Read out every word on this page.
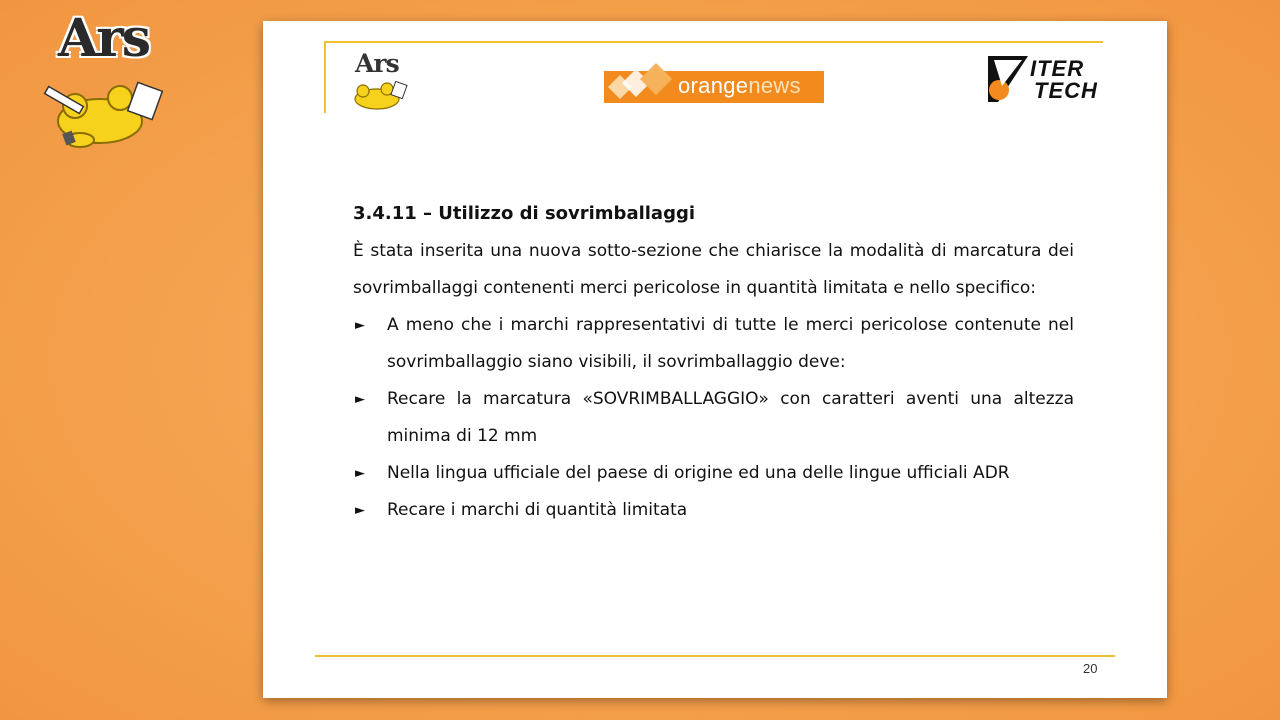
Ars	Ars
orangenews
ITER
TECH

3.4.11 – Utilizzo di sovrimballaggi

È stata inserita una nuova sotto-sezione che chiarisce la modalità di marcatura dei sovrimballaggi contenenti merci pericolose in quantità limitata e nello specifico:

► A meno che i marchi rappresentativi di tutte le merci pericolose contenute nel sovrimballaggio siano visibili, il sovrimballaggio deve:
► Recare la marcatura «SOVRIMBALLAGGIO» con caratteri aventi una altezza minima di 12 mm
► Nella lingua ufficiale del paese di origine ed una delle lingue ufficiali ADR
► Recare i marchi di quantità limitata
20
